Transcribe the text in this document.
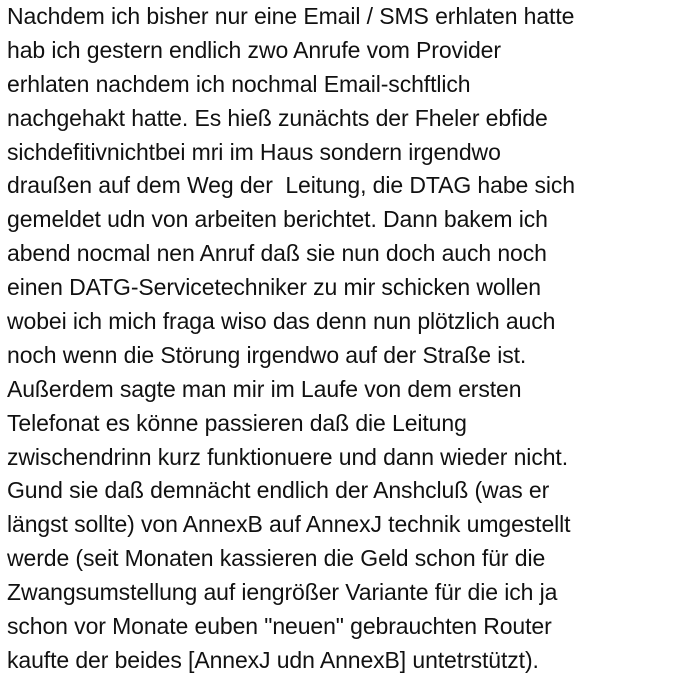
Nachdem ich bisher nur eine Email / SMS erhlaten hatte
hab ich gestern endlich zwo Anrufe vom Provider
erhlaten nachdem ich nochmal Email-schftlich
nachgehakt hatte. Es hieß zunächts der Fheler ebfide
sichdefitivnichtbei mri im Haus sondern irgendwo
draußen auf dem Weg der  Leitung, die DTAG habe sich
gemeldet udn von arbeiten berichtet. Dann bakem ich
abend nocmal nen Anruf daß sie nun doch auch noch
einen DATG-Servicetechniker zu mir schicken wollen
wobei ich mich fraga wiso das denn nun plötzlich auch
noch wenn die Störung irgendwo auf der Straße ist.
Außerdem sagte man mir im Laufe von dem ersten
Telefonat es könne passieren daß die Leitung
zwischendrinn kurz funktionuere und dann wieder nicht.
Gund sie daß demnächt endlich der Anshcluß (was er
längst sollte) von AnnexB auf AnnexJ technik umgestellt
werde (seit Monaten kassieren die Geld schon für die
Zwangsumstellung auf iengrößer Variante für die ich ja
schon vor Monate euben "neuen" gebrauchten Router
kaufte der beides [AnnexJ udn AnnexB] untetrstützt).
